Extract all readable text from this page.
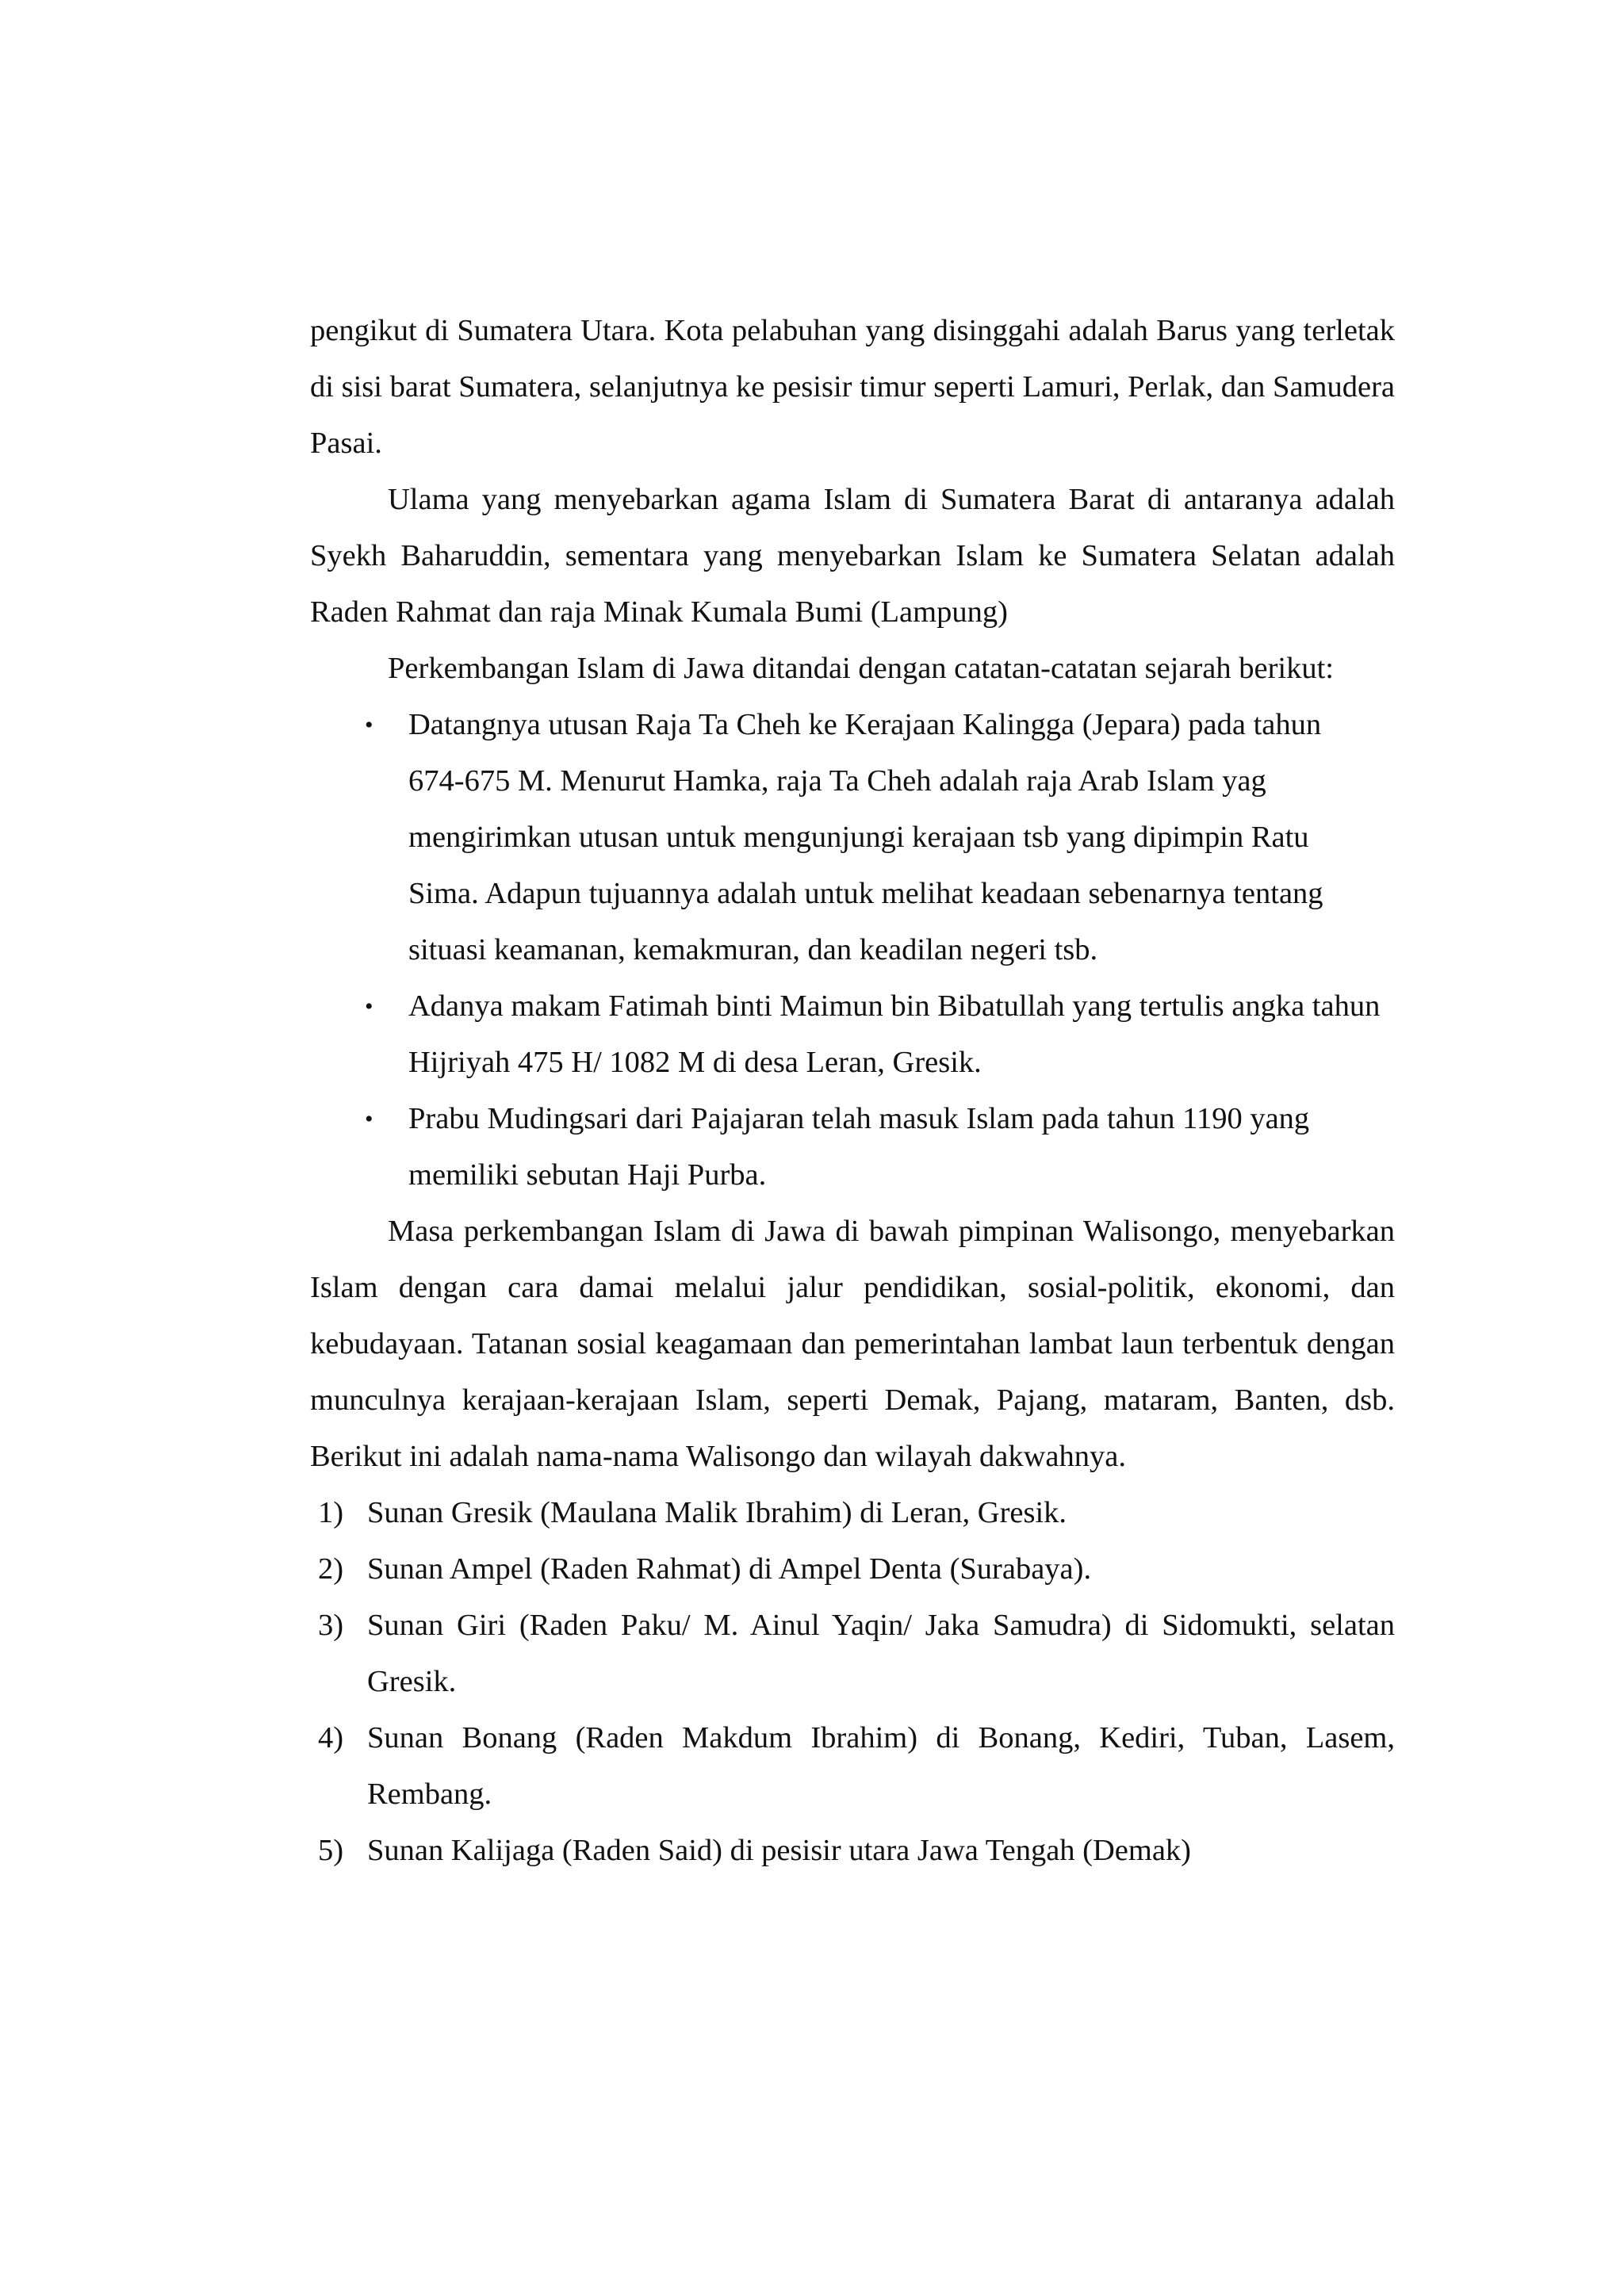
pengikut di Sumatera Utara. Kota pelabuhan yang disinggahi adalah Barus yang terletak di sisi barat Sumatera, selanjutnya ke pesisir timur seperti Lamuri, Perlak, dan Samudera Pasai.

Ulama yang menyebarkan agama Islam di Sumatera Barat di antaranya adalah Syekh Baharuddin, sementara yang menyebarkan Islam ke Sumatera Selatan adalah Raden Rahmat dan raja Minak Kumala Bumi (Lampung)

Perkembangan Islam di Jawa ditandai dengan catatan-catatan sejarah berikut:

• Datangnya utusan Raja Ta Cheh ke Kerajaan Kalingga (Jepara) pada tahun 674-675 M. Menurut Hamka, raja Ta Cheh adalah raja Arab Islam yag mengirimkan utusan untuk mengunjungi kerajaan tsb yang dipimpin Ratu Sima. Adapun tujuannya adalah untuk melihat keadaan sebenarnya tentang situasi keamanan, kemakmuran, dan keadilan negeri tsb.
• Adanya makam Fatimah binti Maimun bin Bibatullah yang tertulis angka tahun Hijriyah 475 H/ 1082 M di desa Leran, Gresik.
• Prabu Mudingsari dari Pajajaran telah masuk Islam pada tahun 1190 yang memiliki sebutan Haji Purba.

Masa perkembangan Islam di Jawa di bawah pimpinan Walisongo, menyebarkan Islam dengan cara damai melalui jalur pendidikan, sosial-politik, ekonomi, dan kebudayaan. Tatanan sosial keagamaan dan pemerintahan lambat laun terbentuk dengan munculnya kerajaan-kerajaan Islam, seperti Demak, Pajang, mataram, Banten, dsb. Berikut ini adalah nama-nama Walisongo dan wilayah dakwahnya.

1) Sunan Gresik (Maulana Malik Ibrahim) di Leran, Gresik.
2) Sunan Ampel (Raden Rahmat) di Ampel Denta (Surabaya).
3) Sunan Giri (Raden Paku/ M. Ainul Yaqin/ Jaka Samudra) di Sidomukti, selatan Gresik.
4) Sunan Bonang (Raden Makdum Ibrahim) di Bonang, Kediri, Tuban, Lasem, Rembang.
5) Sunan Kalijaga (Raden Said) di pesisir utara Jawa Tengah (Demak)
